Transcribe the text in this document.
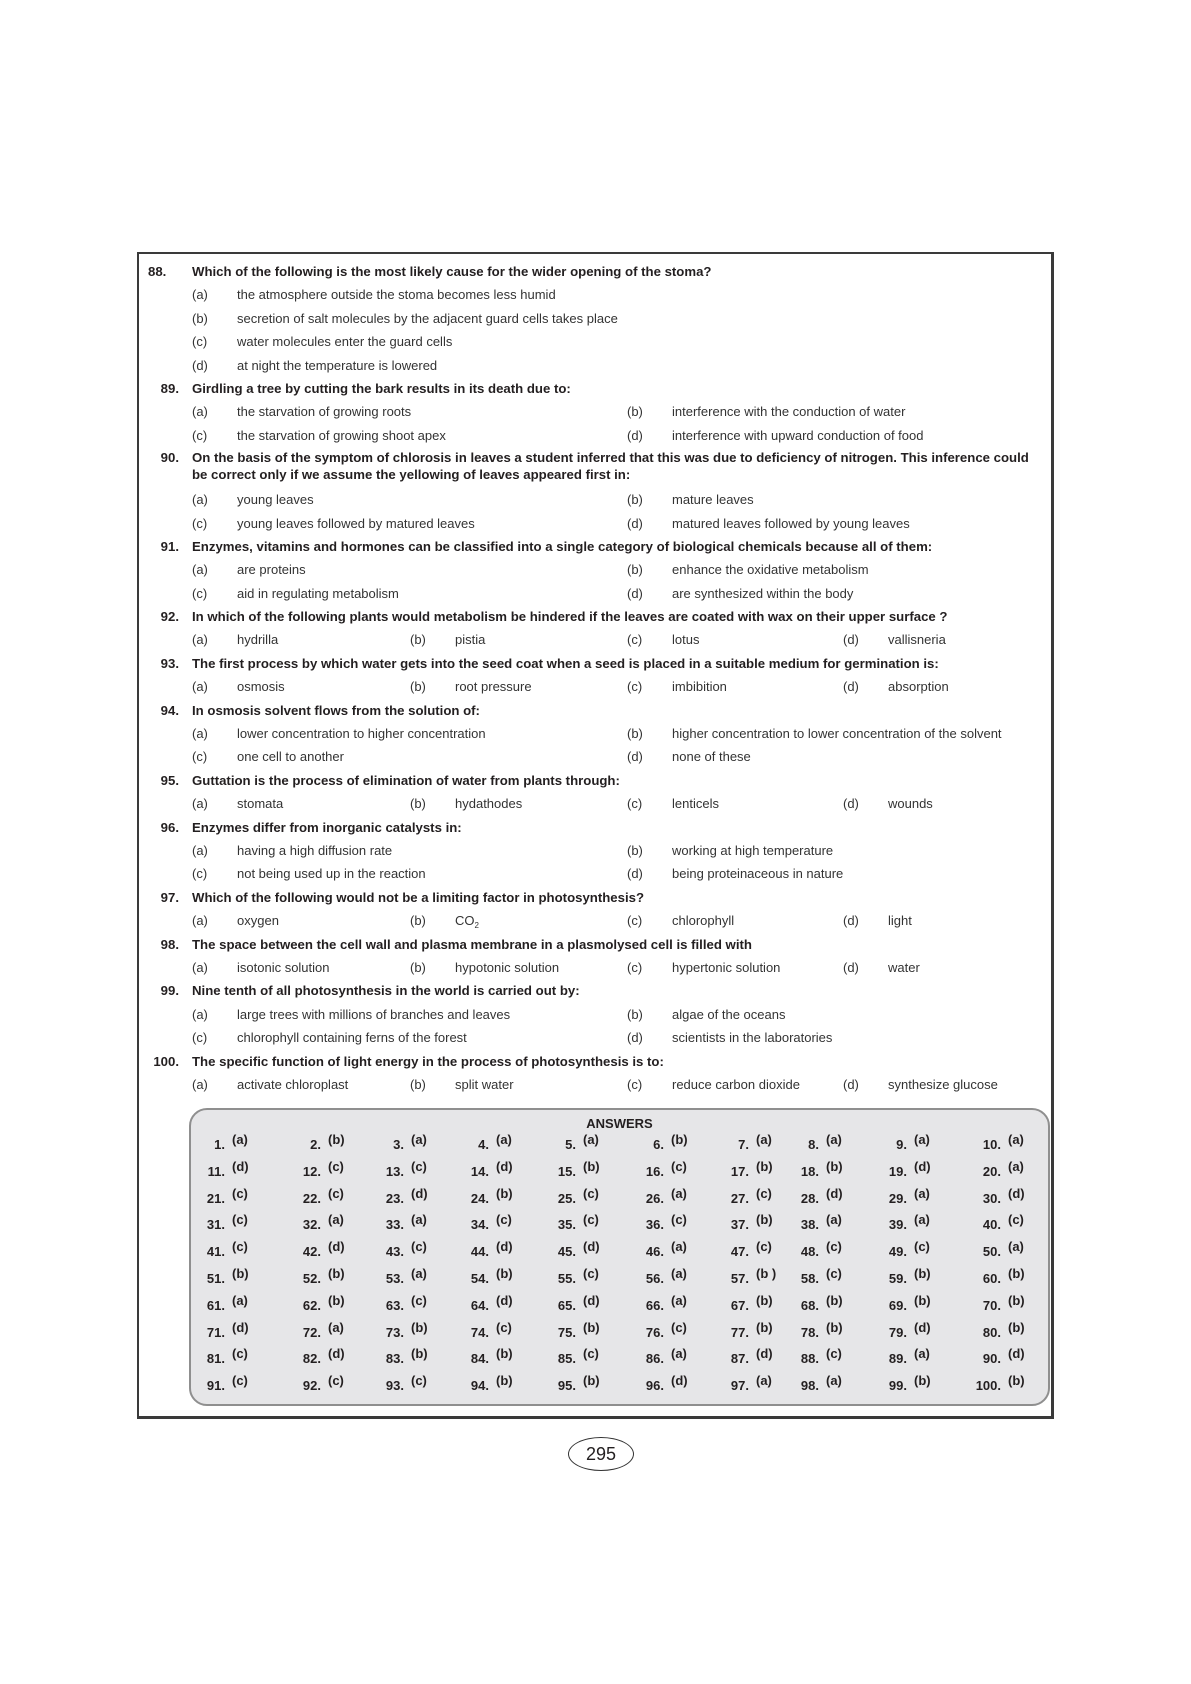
88.	Which of the following is the most likely cause for the wider opening of the stoma?
(a)	the atmosphere outside the stoma becomes less humid
(b)	secretion of salt molecules by the adjacent guard cells takes place
(c)	water molecules enter the guard cells
(d)	at night the temperature is lowered
89. Girdling a tree by cutting the bark results in its death due to:
(a)	the starvation of growing roots	(b)	interference with the conduction of water
(c)	the starvation of growing shoot apex	(d)	interference with upward conduction of food
90. On the basis of the symptom of chlorosis in leaves a student inferred that this was due to deficiency of nitrogen. This inference could be correct only if we assume the yellowing of leaves appeared first in:
(a)	young leaves	(b)	mature leaves
(c)	young leaves followed by matured leaves	(d)	matured leaves followed by young leaves
91. Enzymes, vitamins and hormones can be classified into a single category of biological chemicals because all of them:
(a)	are proteins	(b)	enhance the oxidative metabolism
(c)	aid in regulating metabolism	(d)	are synthesized within the body
92. In which of the following plants would metabolism be hindered if the leaves are coated with wax on their upper surface ?
(a)	hydrilla	(b)	pistia	(c)	lotus	(d)	vallisneria
93. The first process by which water gets into the seed coat when a seed is placed in a suitable medium for germination is:
(a)	osmosis	(b)	root pressure	(c)	imbibition	(d)	absorption
94. In osmosis solvent flows from the solution of:
(a)	lower concentration to higher concentration	(b)	higher concentration to lower concentration of the solvent
(c)	one cell to another	(d)	none of these
95. Guttation is the process of elimination of water from plants through:
(a)	stomata	(b)	hydathodes	(c)	lenticels	(d)	wounds
96. Enzymes differ from inorganic catalysts in:
(a)	having a high diffusion rate	(b)	working at high temperature
(c)	not being used up in the reaction	(d)	being proteinaceous in nature
97. Which of the following would not be a limiting factor in photosynthesis?
(a)	oxygen	(b)	$CO_2$	(c)	chlorophyll	(d)	light
98. The space between the cell wall and plasma membrane in a plasmolysed cell is filled with
(a)	isotonic solution	(b)	hypotonic solution	(c)	hypertonic solution	(d)	water
99. Nine tenth of all photosynthesis in the world is carried out by:
(a)	large trees with millions of branches and leaves	(b)	algae of the oceans
(c)	chlorophyll containing ferns of the forest	(d)	scientists in the laboratories
100. The specific function of light energy in the process of photosynthesis is to:
(a)	activate chloroplast	(b)	split water	(c)	reduce carbon dioxide	(d)	synthesize glucose
ANSWERS
1. (a)	2. (b)	3. (a)	4. (a)	5. (a)	6. (b)	7. (a)	8. (a)	9. (a)	10. (a)
11. (d)	12. (c)	13. (c)	14. (d)	15. (b)	16. (c)	17. (b) 18. (b)	19. (d)	20. (a)
21. (c)	22. (c)	23. (d)	24. (b)	25. (c)	26. (a)	27. (c) 28. (d)	29. (a)	30. (d)
31. (c)	32. (a)	33. (a)	34. (c)	35. (c)	36. (c)	37. (b) 38. (a)	39. (a)	40. (c)
41. (c)	42. (d)	43. (c)	44. (d)	45. (d)	46. (a)	47. (c) 48. (c)	49. (c)	50. (a)
51. (b)	52. (b)	53. (a)	54. (b)	55. (c)	56. (a)	57. (b ) 58. (c)	59. (b)	60. (b)
61. (a)	62. (b)	63. (c)	64. (d)	65. (d)	66. (a)	67. (b) 68. (b)	69. (b)	70. (b)
71. (d)	72. (a)	73. (b)	74. (c)	75. (b)	76. (c)	77. (b) 78. (b)	79. (d)	80. (b)
81. (c)	82. (d)	83. (b)	84. (b)	85. (c)	86. (a)	87. (d) 88. (c)	89. (a)	90. (d)
91. (c)	92. (c)	93. (c)	94. (b)	95. (b)	96. (d)	97. (a) 98. (a)	99. (b)	100. (b)
295
